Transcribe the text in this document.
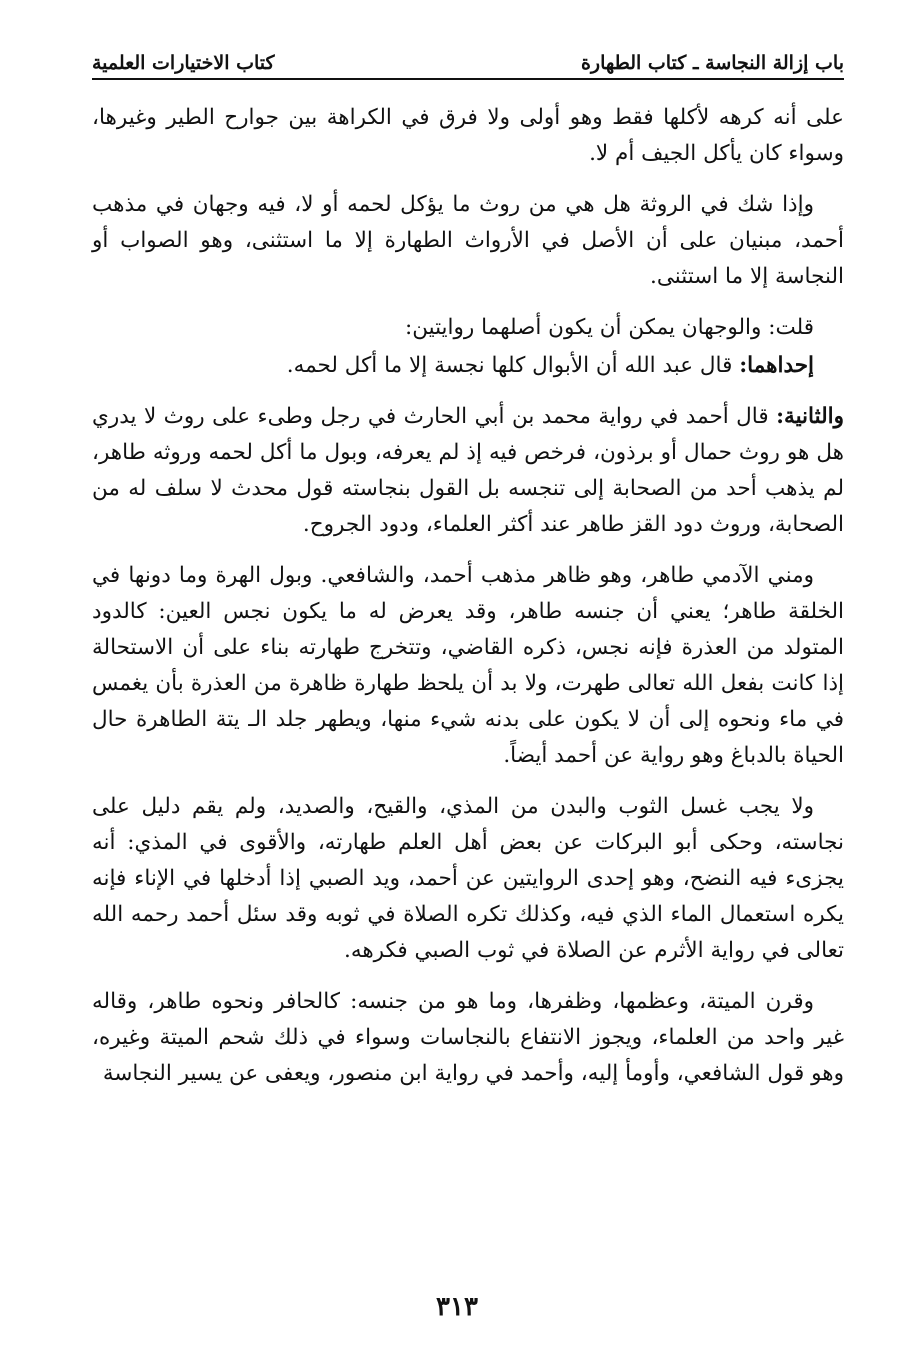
باب إزالة النجاسة ـ كتاب الطهارة
كتاب الاختيارات العلمية

على أنه كرهه لأكلها فقط وهو أولى ولا فرق في الكراهة بين جوارح الطير وغيرها، وسواء كان يأكل الجيف أم لا.

وإذا شك في الروثة هل هي من روث ما يؤكل لحمه أو لا، فيه وجهان في مذهب أحمد، مبنيان على أن الأصل في الأرواث الطهارة إلا ما استثنى، وهو الصواب أو النجاسة إلا ما استثنى.

قلت: والوجهان يمكن أن يكون أصلهما روايتين:

إحداهما: قال عبد الله أن الأبوال كلها نجسة إلا ما أكل لحمه.

والثانية: قال أحمد في رواية محمد بن أبي الحارث في رجل وطىء على روث لا يدري هل هو روث حمال أو برذون، فرخص فيه إذ لم يعرفه، وبول ما أكل لحمه وروثه طاهر، لم يذهب أحد من الصحابة إلى تنجسه بل القول بنجاسته قول محدث لا سلف له من الصحابة، وروث دود القز طاهر عند أكثر العلماء، ودود الجروح.

ومني الآدمي طاهر، وهو ظاهر مذهب أحمد، والشافعي. وبول الهرة وما دونها في الخلقة طاهر؛ يعني أن جنسه طاهر، وقد يعرض له ما يكون نجس العين: كالدود المتولد من العذرة فإنه نجس، ذكره القاضي، وتتخرج طهارته بناء على أن الاستحالة إذا كانت بفعل الله تعالى طهرت، ولا بد أن يلحظ طهارة ظاهرة من العذرة بأن يغمس في ماء ونحوه إلى أن لا يكون على بدنه شيء منها، ويطهر جلد الـ يتة الطاهرة حال الحياة بالدباغ وهو رواية عن أحمد أيضاً.

ولا يجب غسل الثوب والبدن من المذي، والقيح، والصديد، ولم يقم دليل على نجاسته، وحكى أبو البركات عن بعض أهل العلم طهارته، والأقوى في المذي: أنه يجزىء فيه النضح، وهو إحدى الروايتين عن أحمد، ويد الصبي إذا أدخلها في الإناء فإنه يكره استعمال الماء الذي فيه، وكذلك تكره الصلاة في ثوبه وقد سئل أحمد رحمه الله تعالى في رواية الأثرم عن الصلاة في ثوب الصبي فكرهه.

وقرن الميتة، وعظمها، وظفرها، وما هو من جنسه: كالحافر ونحوه طاهر، وقاله غير واحد من العلماء، ويجوز الانتفاع بالنجاسات وسواء في ذلك شحم الميتة وغيره، وهو قول الشافعي، وأومأ إليه، وأحمد في رواية ابن منصور، ويعفى عن يسير النجاسة

٣١٣
